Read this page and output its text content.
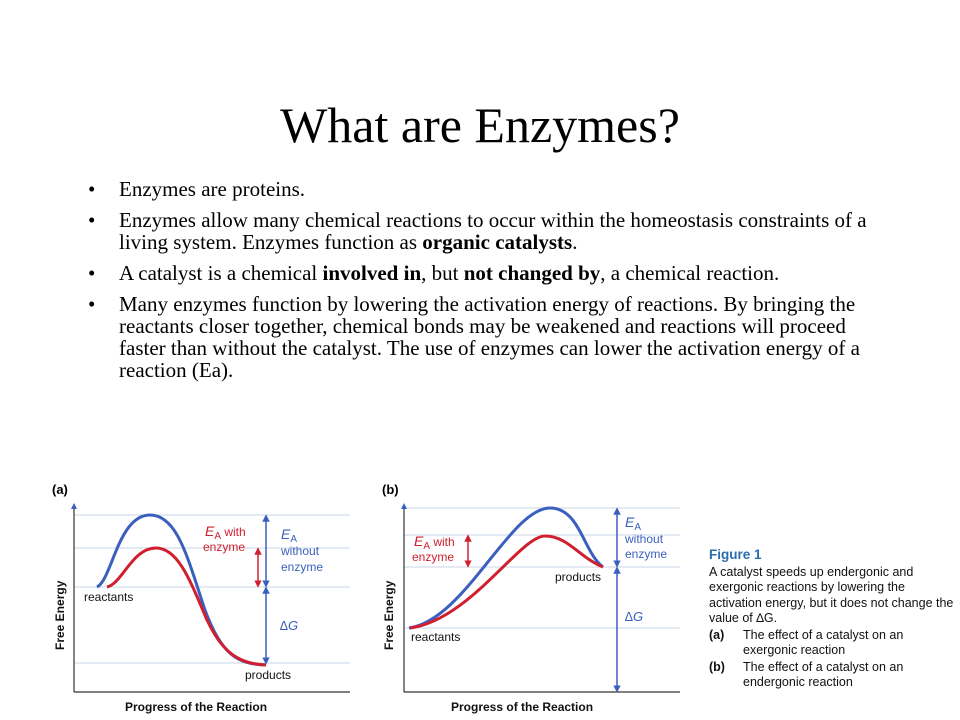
What are Enzymes?
• Enzymes are proteins.
• Enzymes allow many chemical reactions to occur within the homeostasis constraints of a living system. Enzymes function as organic catalysts.
• A catalyst is a chemical involved in, but not changed by, a chemical reaction.
• Many enzymes function by lowering the activation energy of reactions. By bringing the reactants closer together, chemical bonds may be weakened and reactions will proceed faster than without the catalyst. The use of enzymes can lower the activation energy of a reaction (Ea).
(a)
$E_A$ with enzyme
$E_A$ without enzyme
reactants
products
∆G
Free Energy
Progress of the Reaction
(b)
$E_A$ with enzyme
$E_A$ without enzyme
reactants
products
∆G
Free Energy
Progress of the Reaction
Figure 1
A catalyst speeds up endergonic and exergonic reactions by lowering the activation energy, but it does not change the value of ∆G.
(a)	The effect of a catalyst on an exergonic reaction
(b)	The effect of a catalyst on an endergonic reaction
